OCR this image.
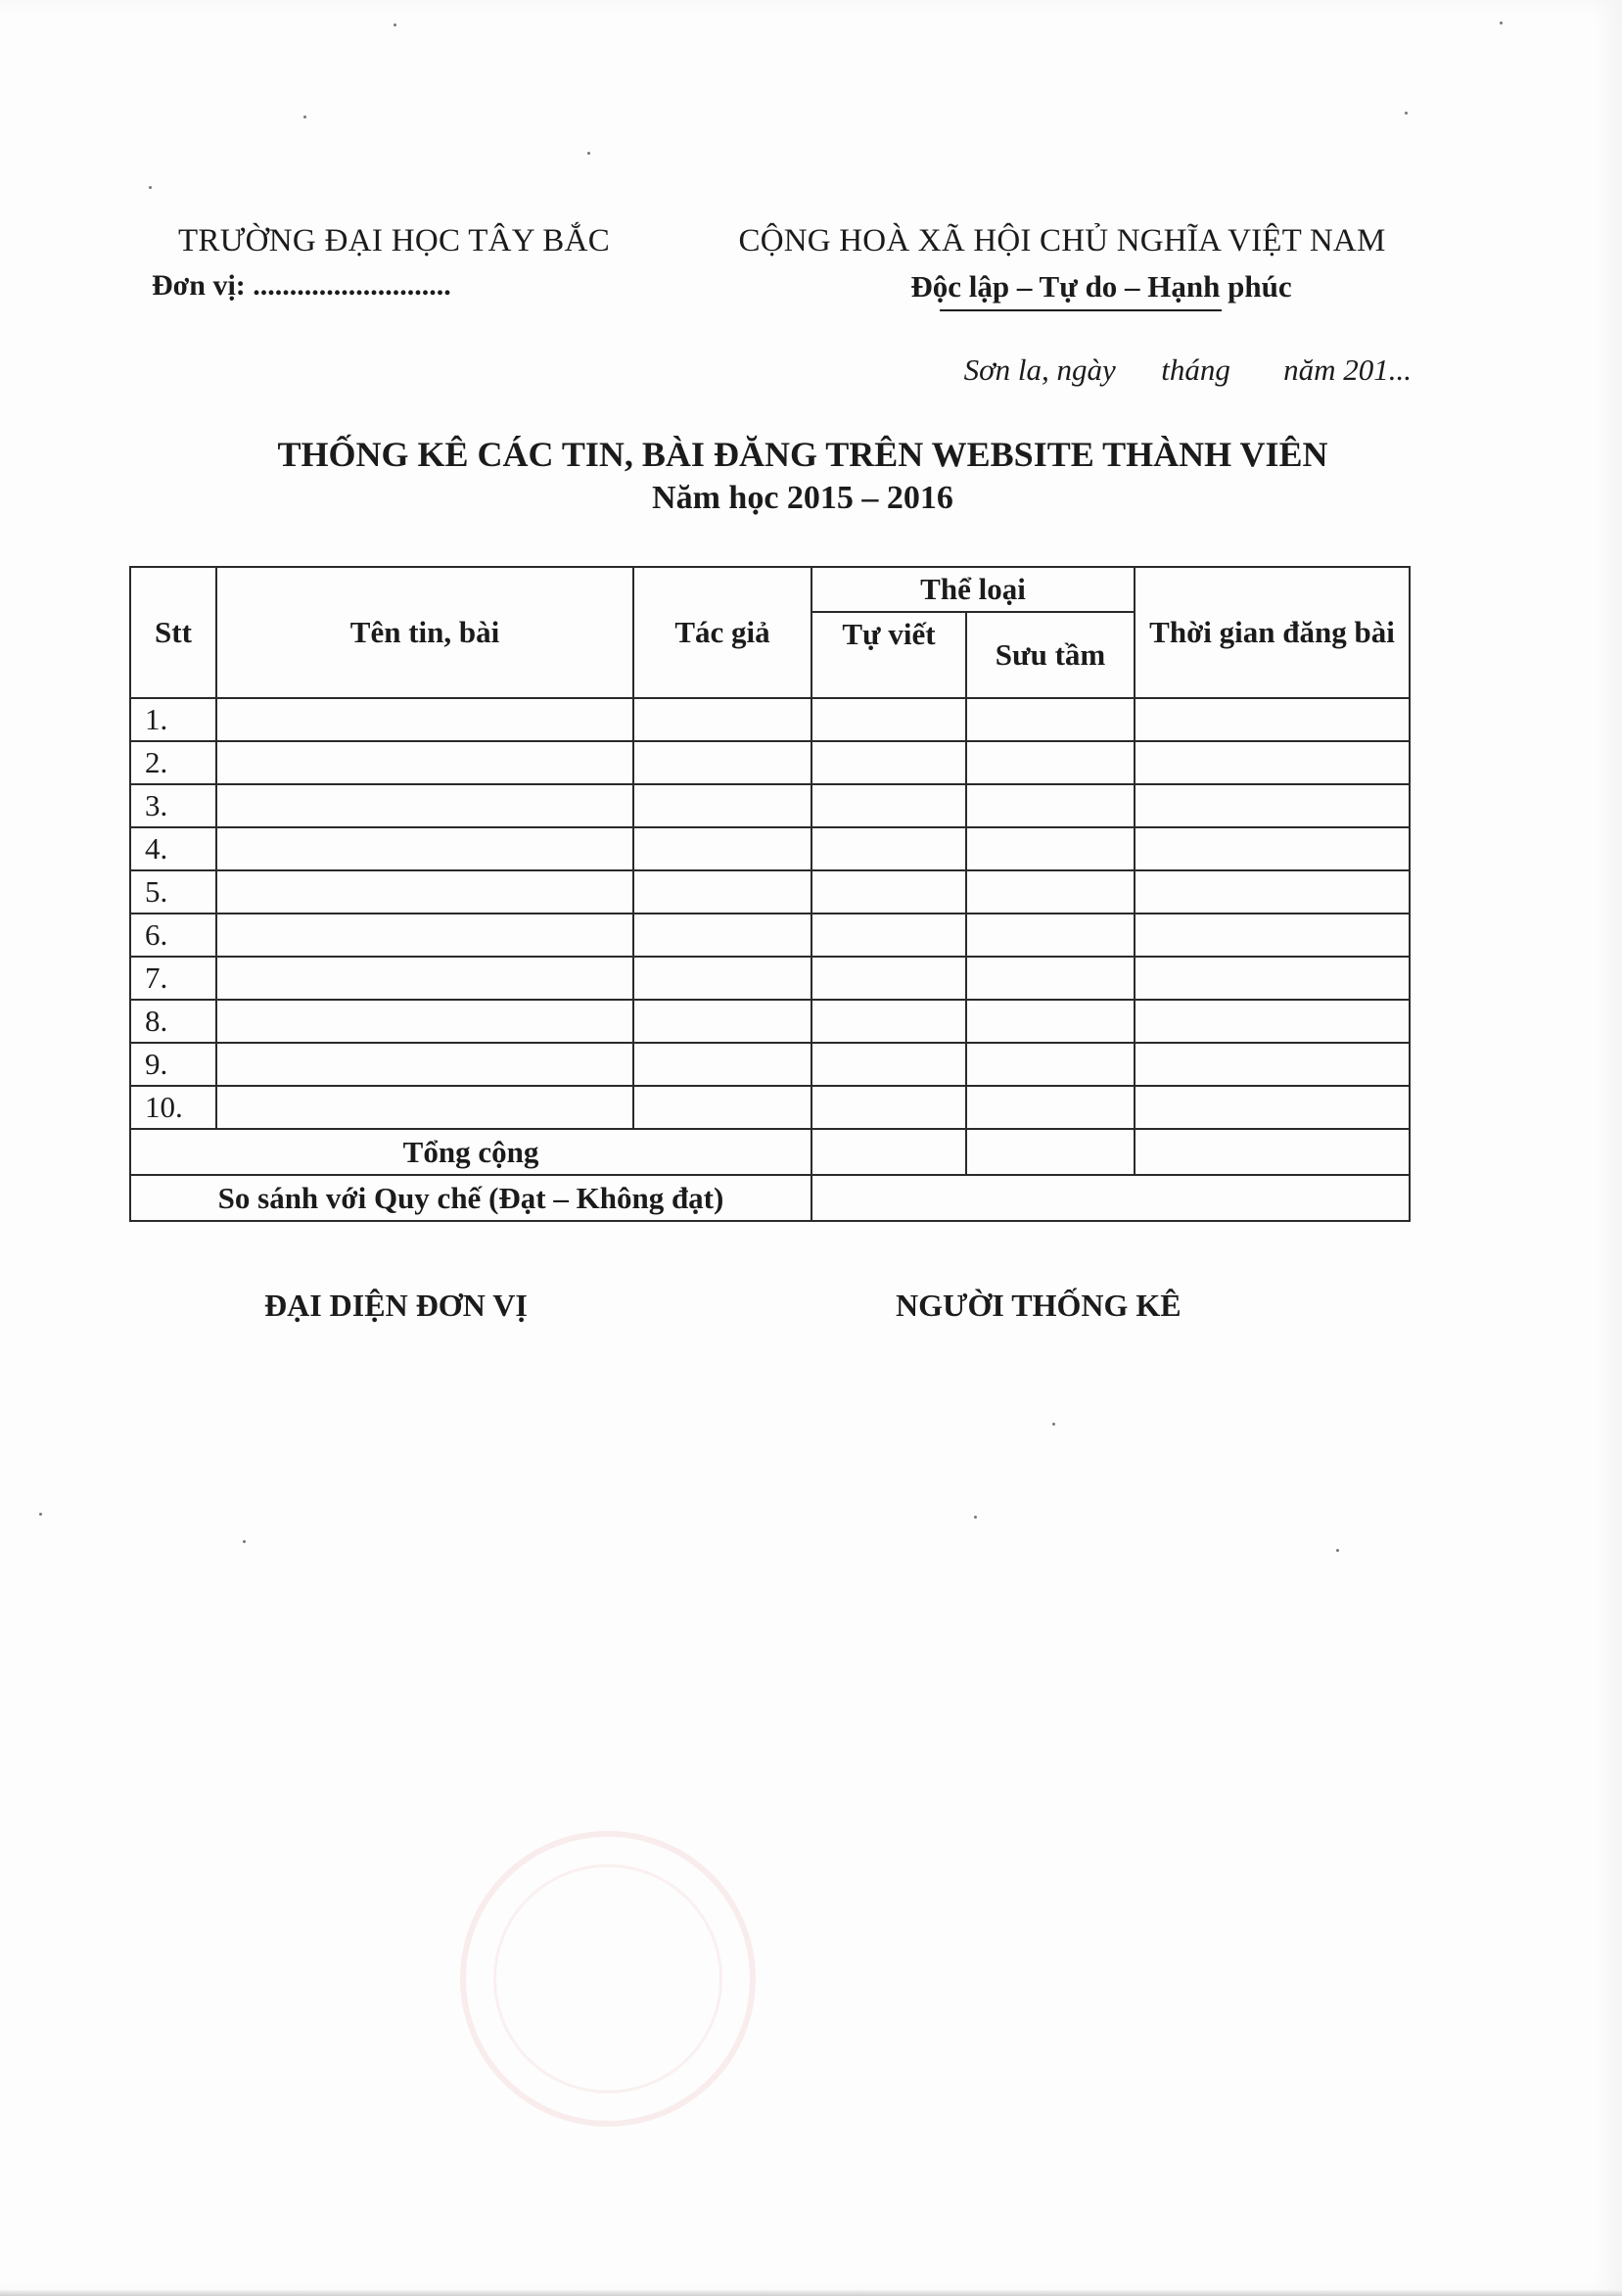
TRƯỜNG ĐẠI HỌC TÂY BẮC
Đơn vị: ...........................
CỘNG HOÀ XÃ HỘI CHỦ NGHĨA VIỆT NAM
Độc lập – Tự do – Hạnh phúc
Sơn la, ngày      tháng       năm 201...
THỐNG KÊ CÁC TIN, BÀI ĐĂNG TRÊN WEBSITE THÀNH VIÊN
Năm học 2015 – 2016
Stt	Tên tin, bài	Tác giả	Thể loại		Thời gian đăng bài
			Tự viết	Sưu tầm	
1.					
2.					
3.					
4.					
5.					
6.					
7.					
8.					
9.					
10.					
Tổng cộng					
So sánh với Quy chế (Đạt – Không đạt)					
ĐẠI DIỆN ĐƠN VỊ	NGƯỜI THỐNG KÊ
